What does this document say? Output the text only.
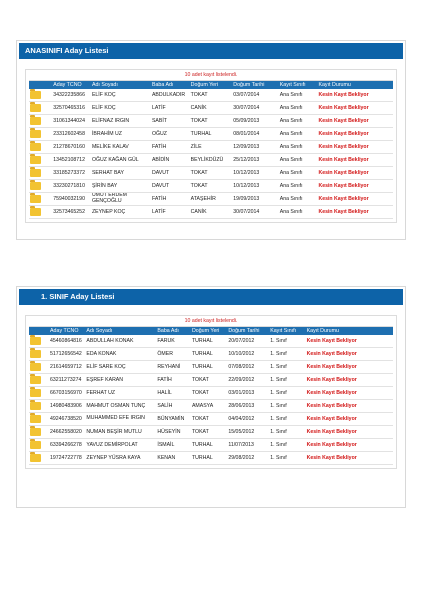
ANASINIFI Aday Listesi
10 adet kayıt listelendi.
	Aday TCNO	Adı Soyadı	Baba Adı	Doğum Yeri	Doğum Tarihi	Kayıt Sınıfı	Kayıt Durumu
	34322235866	ELİF KOÇ	ABDULKADIR	TOKAT	03/07/2014	Ana Sınıfı	Kesin Kayıt Bekliyor
	32570465316	ELİF KOÇ	LATİF	CANİK	30/07/2014	Ana Sınıfı	Kesin Kayıt Bekliyor
	31061344024	ELİFNAZ IRGIN	SABİT	TOKAT	05/09/2013	Ana Sınıfı	Kesin Kayıt Bekliyor
	23312602458	İBRAHİM UZ	OĞUZ	TURHAL	08/01/2014	Ana Sınıfı	Kesin Kayıt Bekliyor
	21278670160	MELİKE KALAV	FATİH	ZİLE	12/09/2013	Ana Sınıfı	Kesin Kayıt Bekliyor
	13452108712	OĞUZ KAĞAN GÜL	ABİDİN	BEYLİKDÜZÜ	25/12/2013	Ana Sınıfı	Kesin Kayıt Bekliyor
	33185273372	SERHAT BAY	DAVUT	TOKAT	10/12/2013	Ana Sınıfı	Kesin Kayıt Bekliyor
	33230271810	ŞİRİN BAY	DAVUT	TOKAT	10/12/2013	Ana Sınıfı	Kesin Kayıt Bekliyor
	75940032190	UMUT ERDEM GENÇOĞLU	FATİH	ATAŞEHİR	19/09/2013	Ana Sınıfı	Kesin Kayıt Bekliyor
	32573465252	ZEYNEP KOÇ	LATİF	CANİK	30/07/2014	Ana Sınıfı	Kesin Kayıt Bekliyor
1. SINIF Aday Listesi
10 adet kayıt listelendi.
	Aday TCNO	Adı Soyadı	Baba Adı	Doğum Yeri	Doğum Tarihi	Kayıt Sınıfı	Kayıt Durumu
	45460864816	ABDULLAH KONAK	FARUK	TURHAL	20/07/2012	1. Sınıf	Kesin Kayıt Bekliyor
	51712656542	EDA KONAK	ÖMER	TURHAL	10/10/2012	1. Sınıf	Kesin Kayıt Bekliyor
	21614659712	ELİF SARE KOÇ	REYHANİ	TURHAL	07/08/2012	1. Sınıf	Kesin Kayıt Bekliyor
	63211273274	EŞREF KARAN	FATİH	TOKAT	22/09/2012	1. Sınıf	Kesin Kayıt Bekliyor
	66703156970	FERHAT UZ	HALİL	TOKAT	03/01/2013	1. Sınıf	Kesin Kayıt Bekliyor
	14980483906	MAHMUT OSMAN TUNÇ	SALİH	AMASYA	28/06/2013	1. Sınıf	Kesin Kayıt Bekliyor
	49246738520	MUHAMMED EFE IRGIN	BÜNYAMİN	TOKAT	04/04/2012	1. Sınıf	Kesin Kayıt Bekliyor
	24662558020	NUMAN BEŞİR MUTLU	HÜSEYİN	TOKAT	15/05/2012	1. Sınıf	Kesin Kayıt Bekliyor
	63394266278	YAVUZ DEMİRPOLAT	İSMAİL	TURHAL	11/07/2013	1. Sınıf	Kesin Kayıt Bekliyor
	19724722778	ZEYNEP YÜSRA KAYA	KENAN	TURHAL	29/08/2012	1. Sınıf	Kesin Kayıt Bekliyor
